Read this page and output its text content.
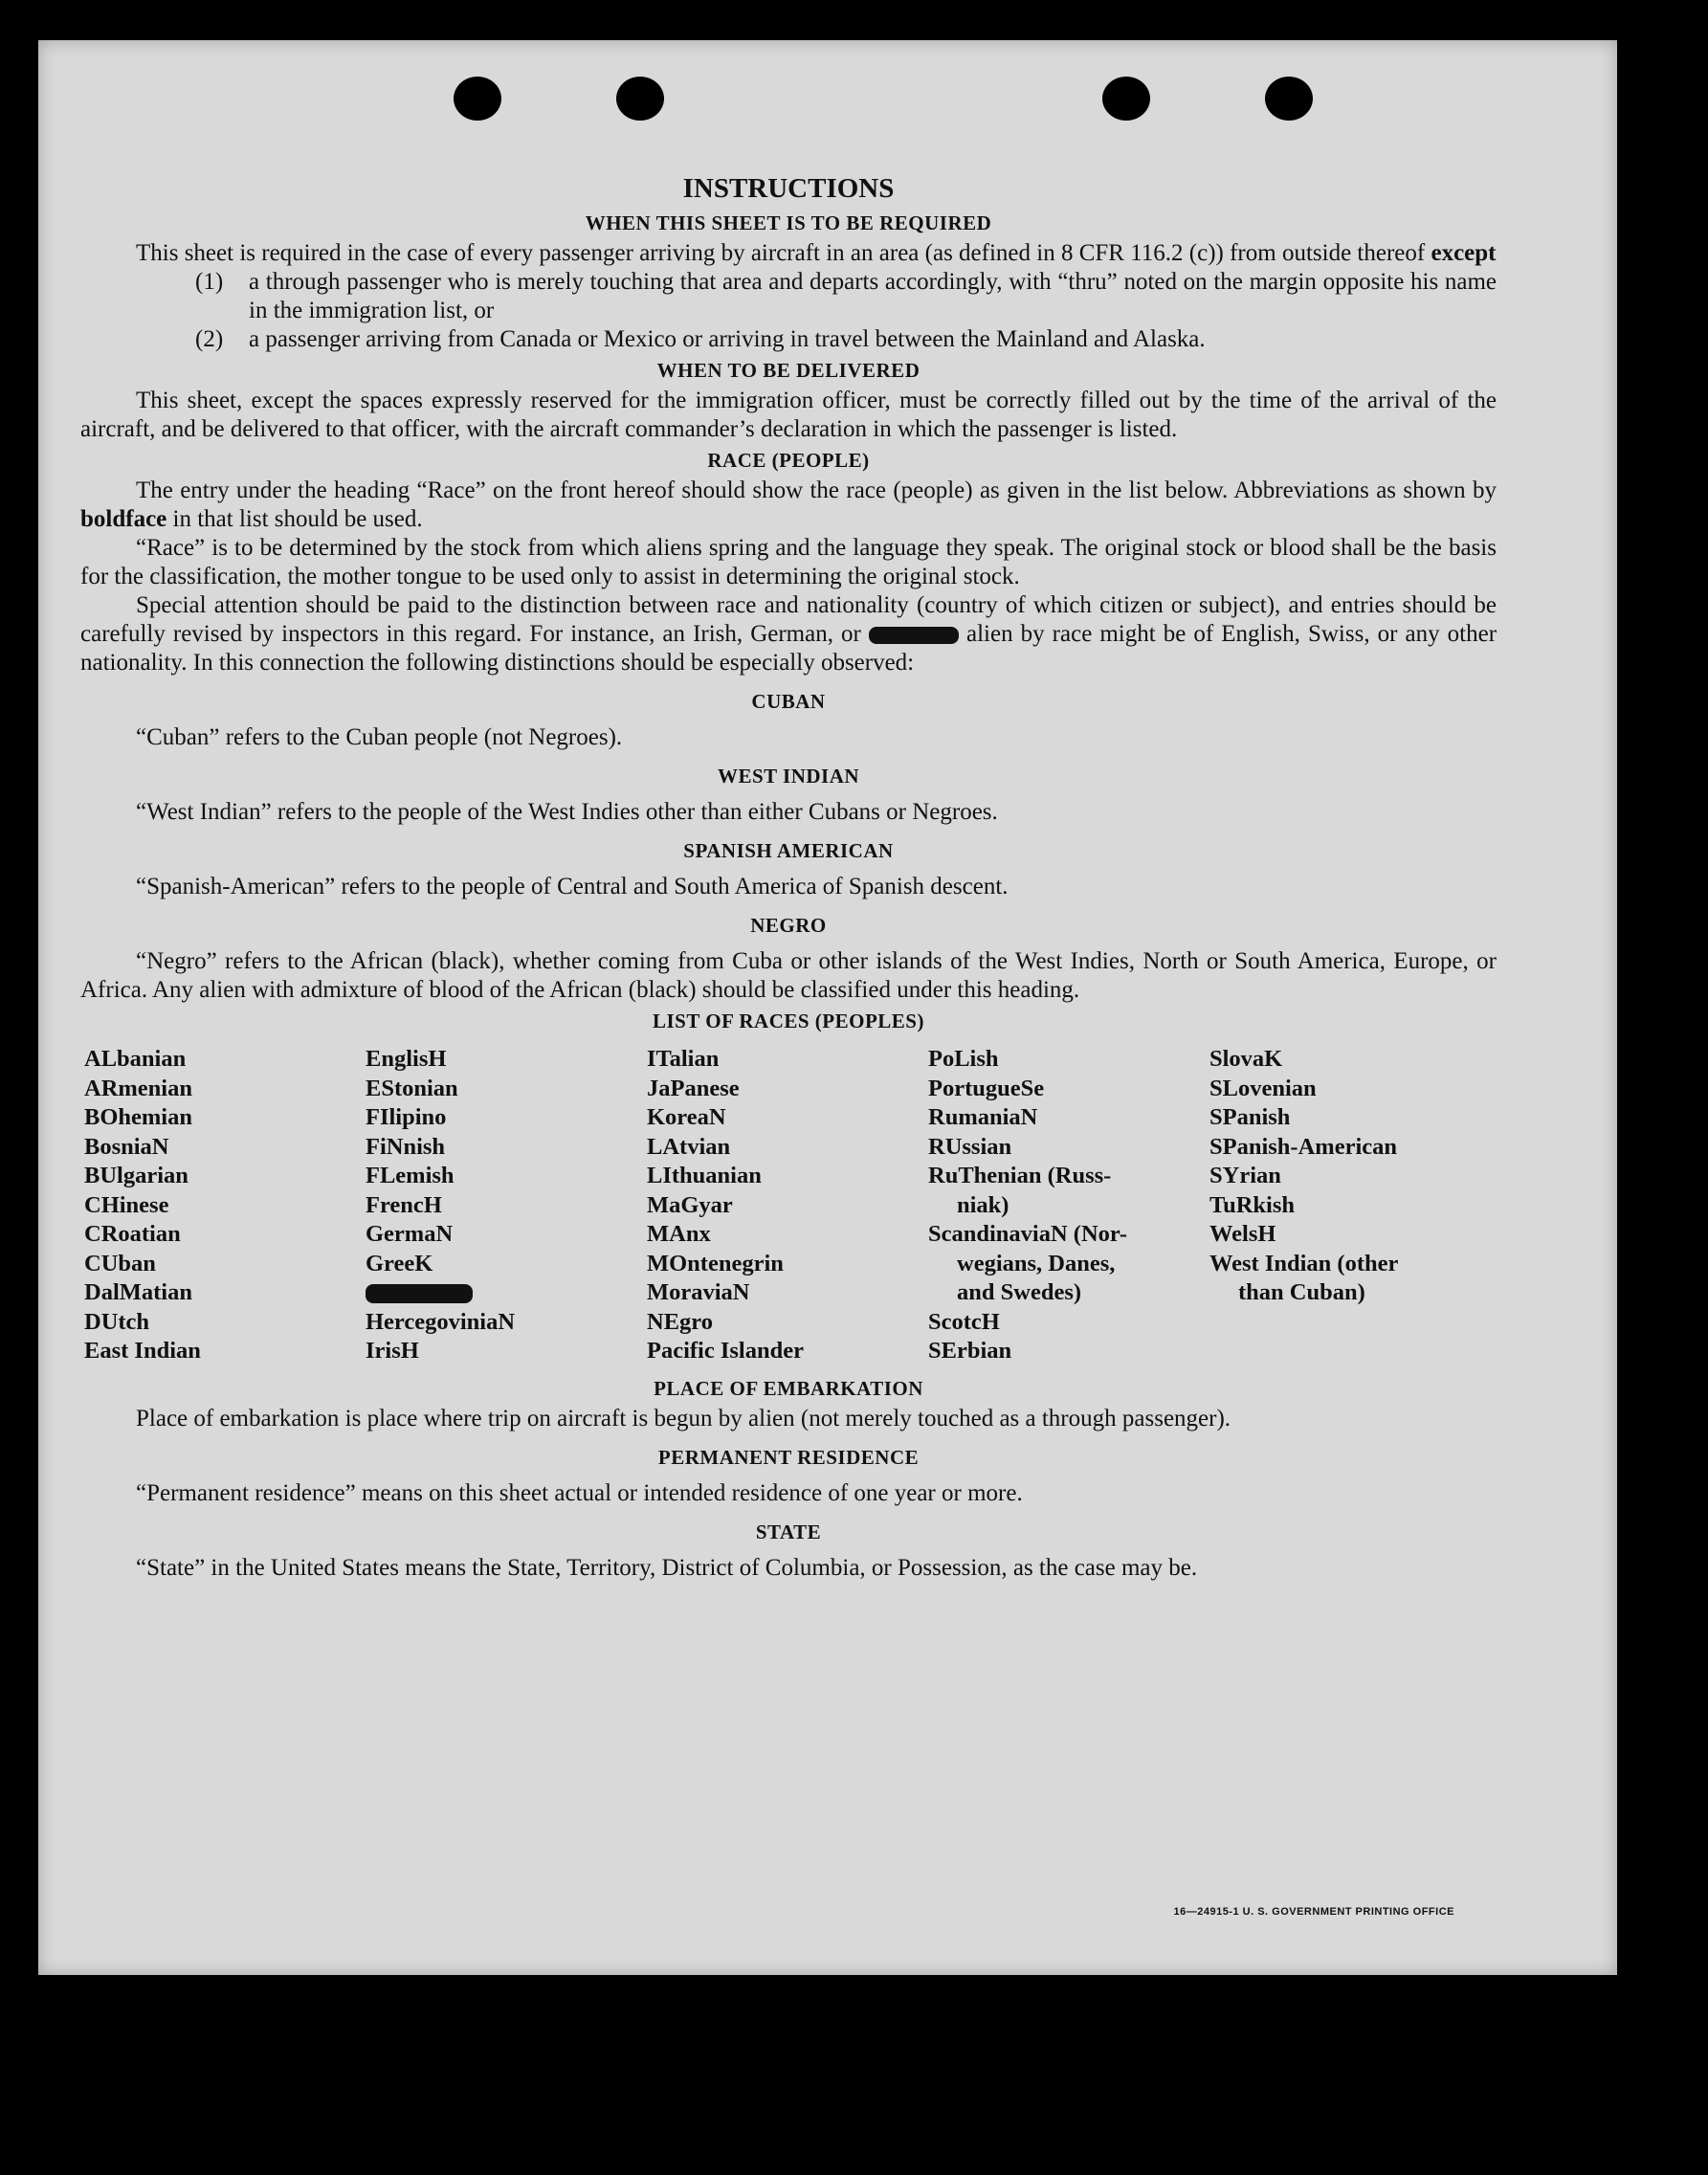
INSTRUCTIONS
WHEN THIS SHEET IS TO BE REQUIRED

This sheet is required in the case of every passenger arriving by aircraft in an area (as defined in 8 CFR 116.2 (c)) from outside thereof except

(1) a through passenger who is merely touching that area and departs accordingly, with “thru” noted on the margin opposite his name in the immigration list, or

(2) a passenger arriving from Canada or Mexico or arriving in travel between the Mainland and Alaska.

WHEN TO BE DELIVERED

This sheet, except the spaces expressly reserved for the immigration officer, must be correctly filled out by the time of the arrival of the aircraft, and be delivered to that officer, with the aircraft commander’s declaration in which the passenger is listed.

RACE (PEOPLE)

The entry under the heading “Race” on the front hereof should show the race (people) as given in the list below. Abbreviations as shown by boldface in that list should be used.

“Race” is to be determined by the stock from which aliens spring and the language they speak. The original stock or blood shall be the basis for the classification, the mother tongue to be used only to assist in determining the original stock.

Special attention should be paid to the distinction between race and nationality (country of which citizen or subject), and entries should be carefully revised by inspectors in this regard. For instance, an Irish, German, or	alien by race might be of English, Swiss, or any other nationality. In this connection the following distinctions should be especially observed:

CUBAN

“Cuban” refers to the Cuban people (not Negroes).

WEST INDIAN

“West Indian” refers to the people of the West Indies other than either Cubans or Negroes.

SPANISH AMERICAN

“Spanish-American” refers to the people of Central and South America of Spanish descent.

NEGRO

“Negro” refers to the African (black), whether coming from Cuba or other islands of the West Indies, North or South America, Europe, or Africa. Any alien with admixture of blood of the African (black) should be classified under this heading.

LIST OF RACES (PEOPLES)
ALbanian
ARmenian
BOhemian
BosniaN
BUlgarian
CHinese
CRoatian
CUban
DalMatian
DUtch
East Indian
EnglisH
EStonian
FIlipino
FiNnish
FLemish
FrencH
GermaN
GreeK
HercegoviniaN
IrisH
ITalian
JaPanese
KoreaN
LAtvian
LIthuanian
MaGyar
MAnx
MOntenegrin
MoraviaN
NEgro
Pacific Islander
PoLish
PortugueSe
RumaniaN
RUssian
RuThenian (Russ-
niak)
ScandinaviaN (Nor-
wegians, Danes,
and Swedes)
ScotcH
SErbian
SlovaK
SLovenian
SPanish
SPanish-American
SYrian
TuRkish
WelsH
West Indian (other
than Cuban)
PLACE OF EMBARKATION

Place of embarkation is place where trip on aircraft is begun by alien (not merely touched as a through passenger).

PERMANENT RESIDENCE

“Permanent residence” means on this sheet actual or intended residence of one year or more.

STATE

“State” in the United States means the State, Territory, District of Columbia, or Possession, as the case may be.

16—24915-1 U. S. GOVERNMENT PRINTING OFFICE
